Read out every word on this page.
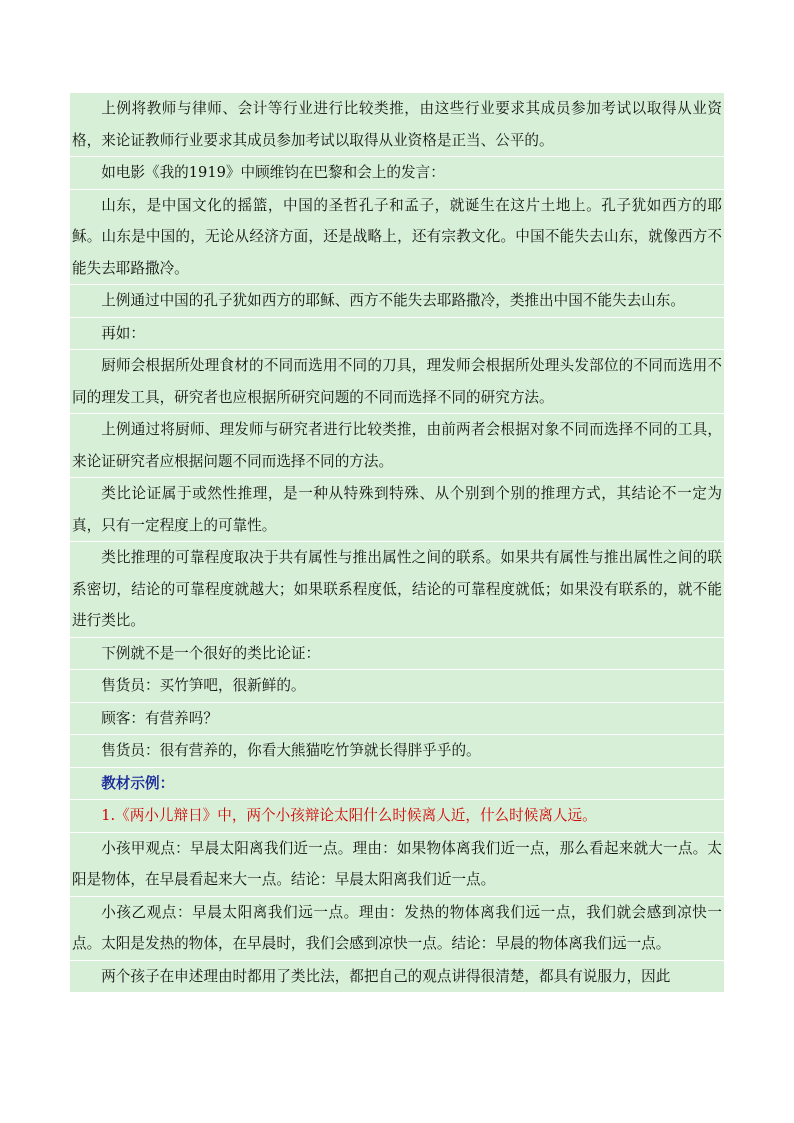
上例将教师与律师、会计等行业进行比较类推，由这些行业要求其成员参加考试以取得从业资格，来论证教师行业要求其成员参加考试以取得从业资格是正当、公平的。

如电影《我的1919》中顾维钧在巴黎和会上的发言：

山东，是中国文化的摇篮，中国的圣哲孔子和孟子，就诞生在这片土地上。孔子犹如西方的耶稣。山东是中国的，无论从经济方面，还是战略上，还有宗教文化。中国不能失去山东，就像西方不能失去耶路撒冷。

上例通过中国的孔子犹如西方的耶稣、西方不能失去耶路撒冷，类推出中国不能失去山东。

再如：

厨师会根据所处理食材的不同而选用不同的刀具，理发师会根据所处理头发部位的不同而选用不同的理发工具，研究者也应根据所研究问题的不同而选择不同的研究方法。

上例通过将厨师、理发师与研究者进行比较类推，由前两者会根据对象不同而选择不同的工具，来论证研究者应根据问题不同而选择不同的方法。

类比论证属于或然性推理，是一种从特殊到特殊、从个别到个别的推理方式，其结论不一定为真，只有一定程度上的可靠性。

类比推理的可靠程度取决于共有属性与推出属性之间的联系。如果共有属性与推出属性之间的联系密切，结论的可靠程度就越大；如果联系程度低，结论的可靠程度就低；如果没有联系的，就不能进行类比。

下例就不是一个很好的类比论证：

售货员：买竹笋吧，很新鲜的。

顾客：有营养吗？

售货员：很有营养的，你看大熊猫吃竹笋就长得胖乎乎的。

教材示例：

1.《两小儿辩日》中，两个小孩辩论太阳什么时候离人近，什么时候离人远。

小孩甲观点：早晨太阳离我们近一点。理由：如果物体离我们近一点，那么看起来就大一点。太阳是物体，在早晨看起来大一点。结论：早晨太阳离我们近一点。

小孩乙观点：早晨太阳离我们远一点。理由：发热的物体离我们远一点，我们就会感到凉快一点。太阳是发热的物体，在早晨时，我们会感到凉快一点。结论：早晨的物体离我们远一点。

两个孩子在申述理由时都用了类比法，都把自己的观点讲得很清楚，都具有说服力，因此
